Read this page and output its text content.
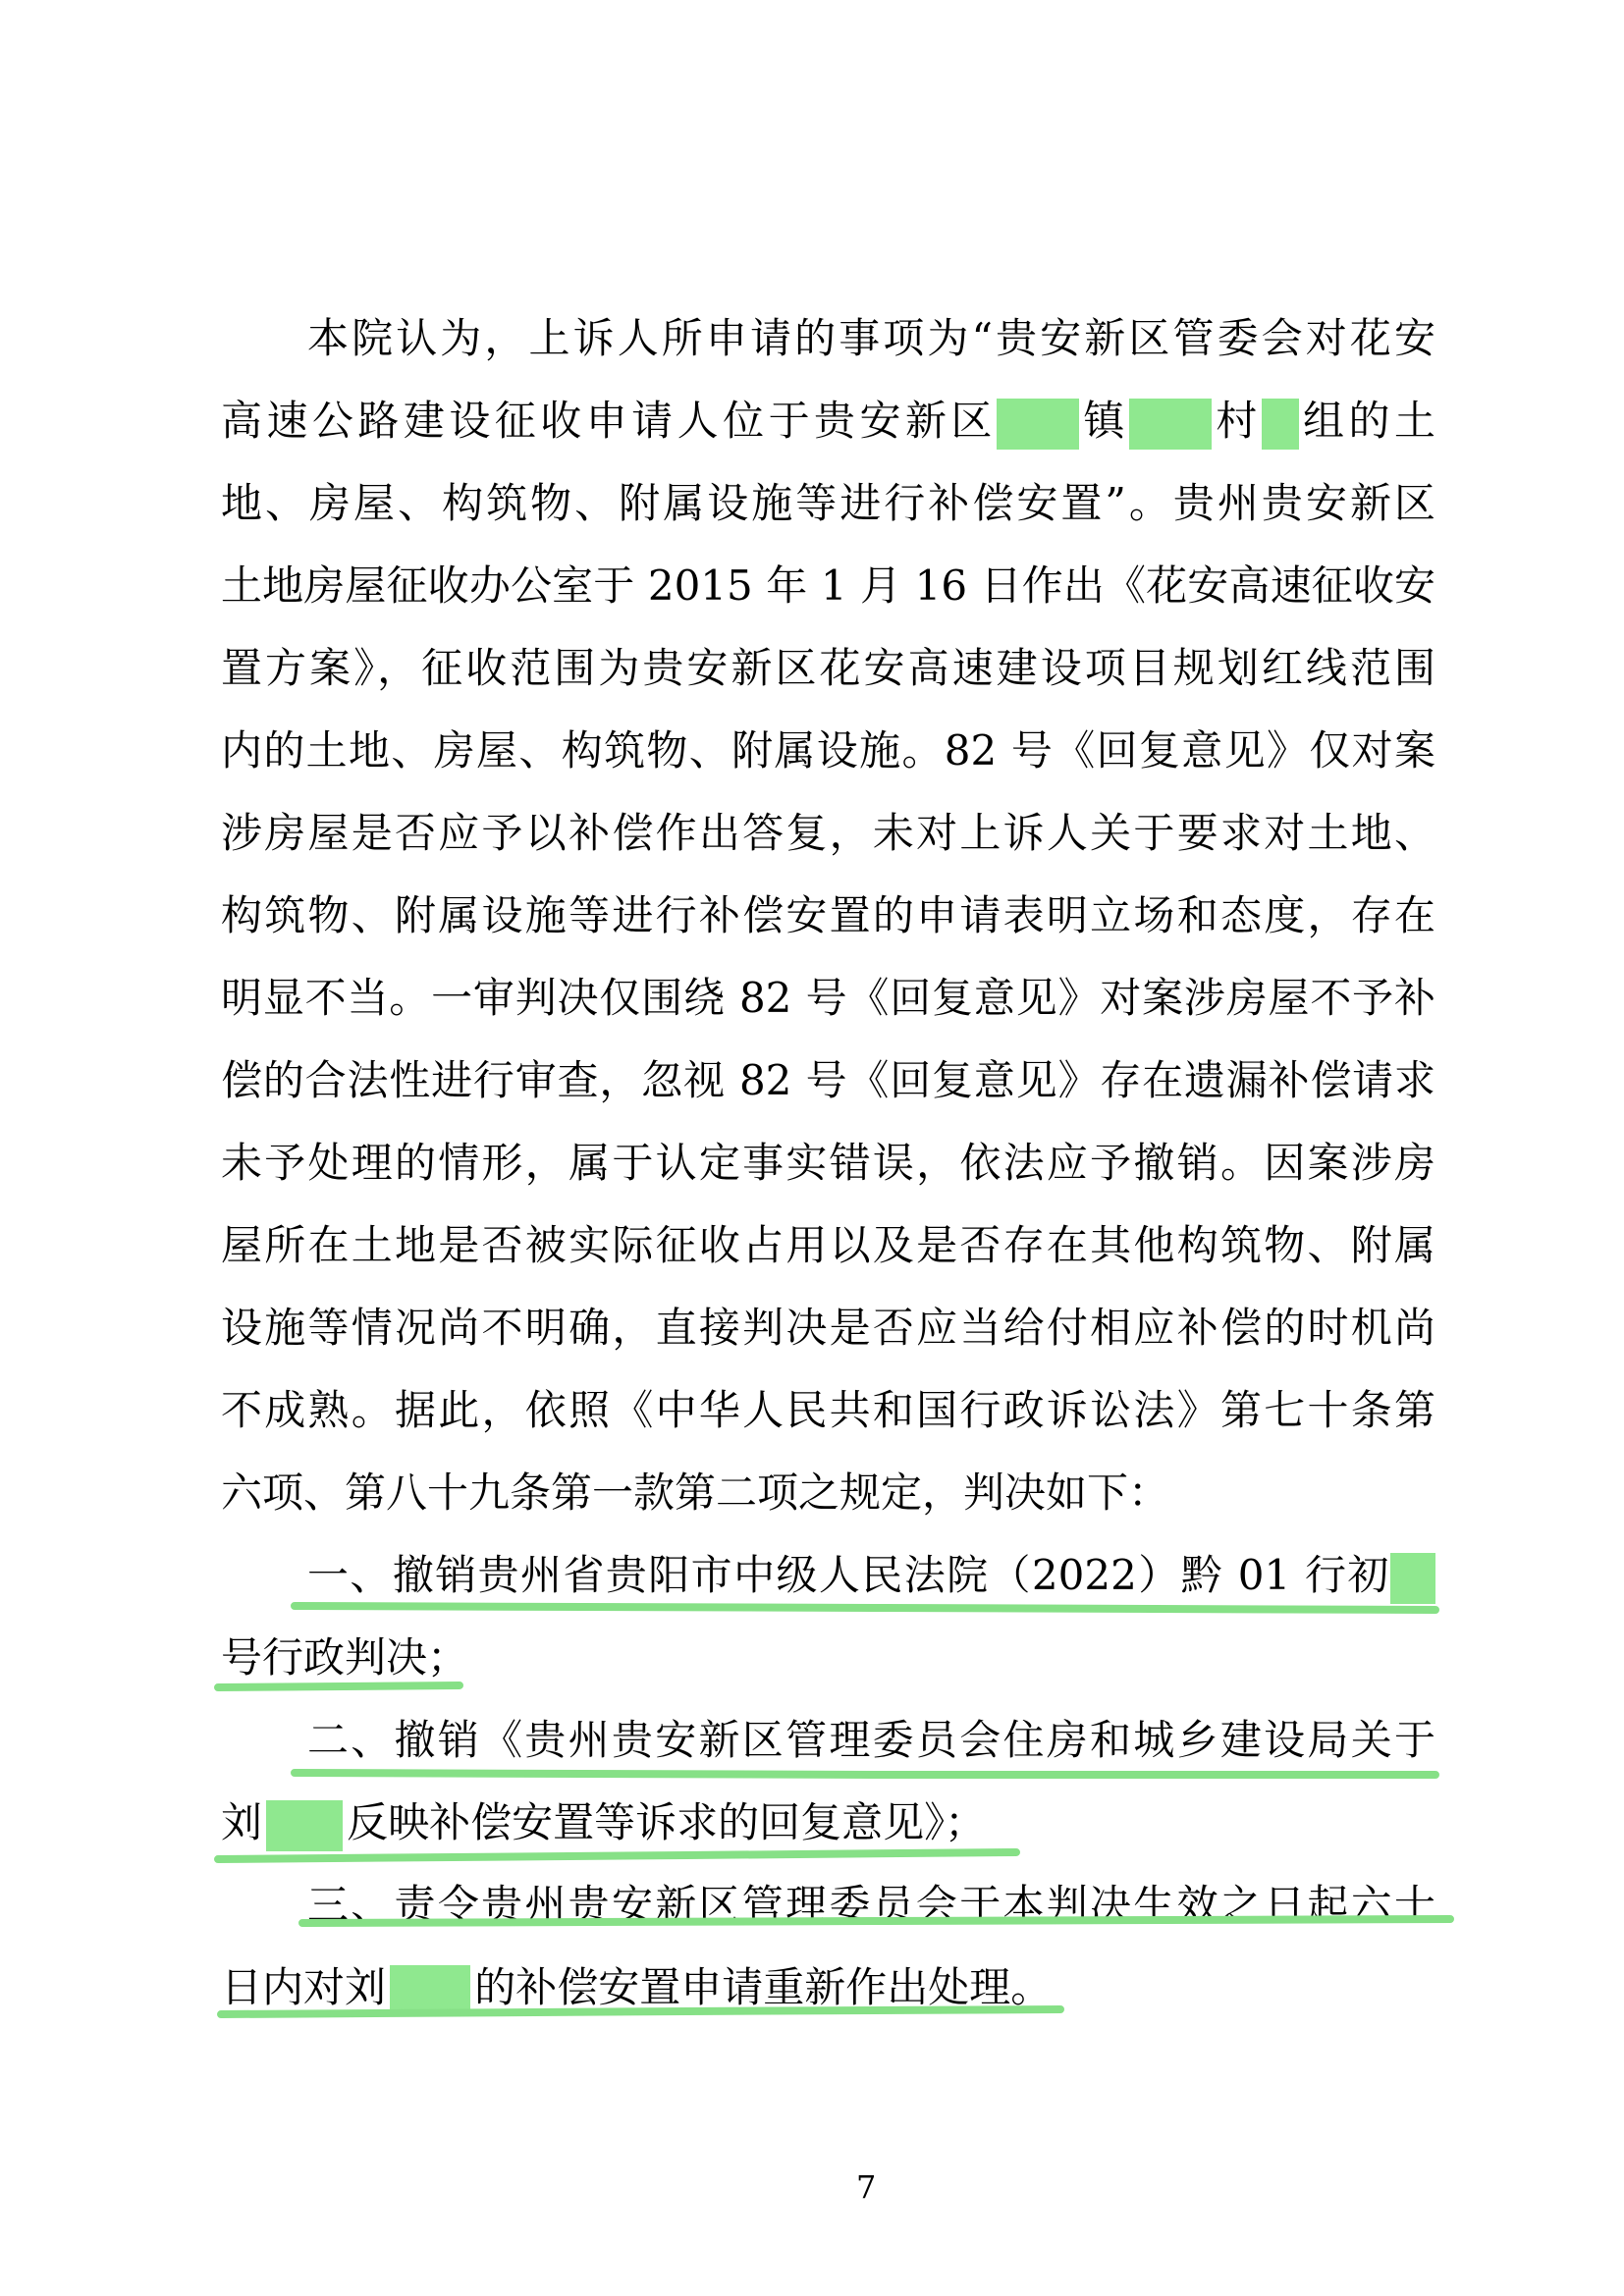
本院认为，上诉人所申请的事项为“贵安新区管委会对花安
高速公路建设征收申请人位于贵安新区 镇 村 组的土
地、房屋、构筑物、附属设施等进行补偿安置”。贵州贵安新区
土地房屋征收办公室于 2015 年 1 月 16 日作出《花安高速征收安
置方案》，征收范围为贵安新区花安高速建设项目规划红线范围
内的土地、房屋、构筑物、附属设施。82 号《回复意见》仅对案
涉房屋是否应予以补偿作出答复，未对上诉人关于要求对土地、
构筑物、附属设施等进行补偿安置的申请表明立场和态度，存在
明显不当。一审判决仅围绕 82 号《回复意见》对案涉房屋不予补
偿的合法性进行审查，忽视 82 号《回复意见》存在遗漏补偿请求
未予处理的情形，属于认定事实错误，依法应予撤销。因案涉房
屋所在土地是否被实际征收占用以及是否存在其他构筑物、附属
设施等情况尚不明确，直接判决是否应当给付相应补偿的时机尚
不成熟。据此，依照《中华人民共和国行政诉讼法》第七十条第
六项、第八十九条第一款第二项之规定，判决如下：
一、撤销贵州省贵阳市中级人民法院（2022）黔 01 行初
号行政判决；
二、撤销《贵州贵安新区管理委员会住房和城乡建设局关于
刘 反映补偿安置等诉求的回复意见》；
三、责令贵州贵安新区管理委员会于本判决生效之日起六十
日内对刘 的补偿安置申请重新作出处理。
7
